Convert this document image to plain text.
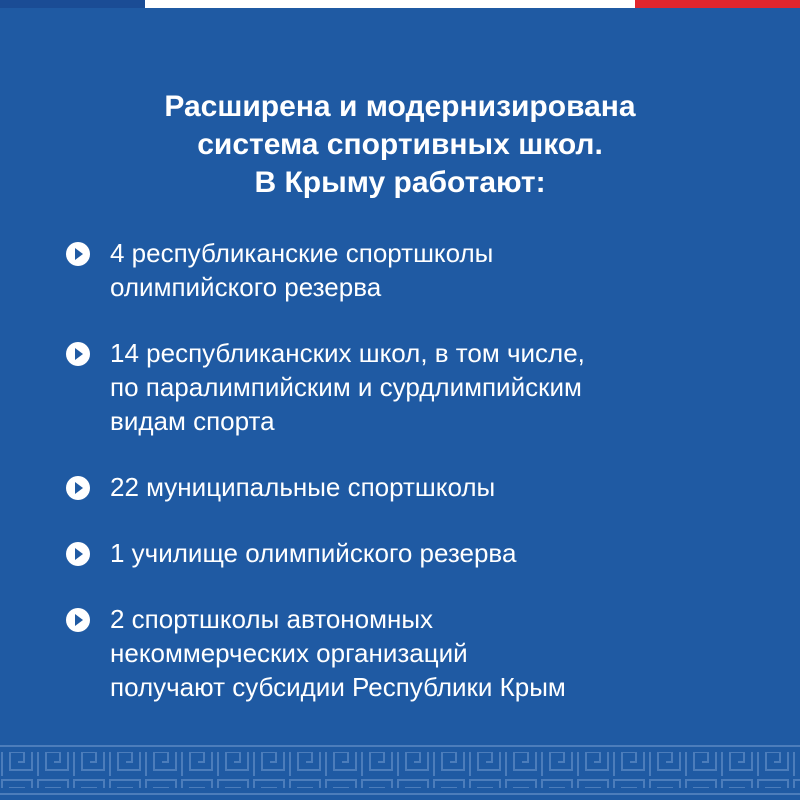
Расширена и модернизирована
система спортивных школ.
В Крыму работают:
4 республиканские спортшколы
олимпийского резерва
14 республиканских школ, в том числе,
по паралимпийским и сурдлимпийским
видам спорта
22 муниципальные спортшколы
1 училище олимпийского резерва
2 спортшколы автономных
некоммерческих организаций
получают субсидии Республики Крым
